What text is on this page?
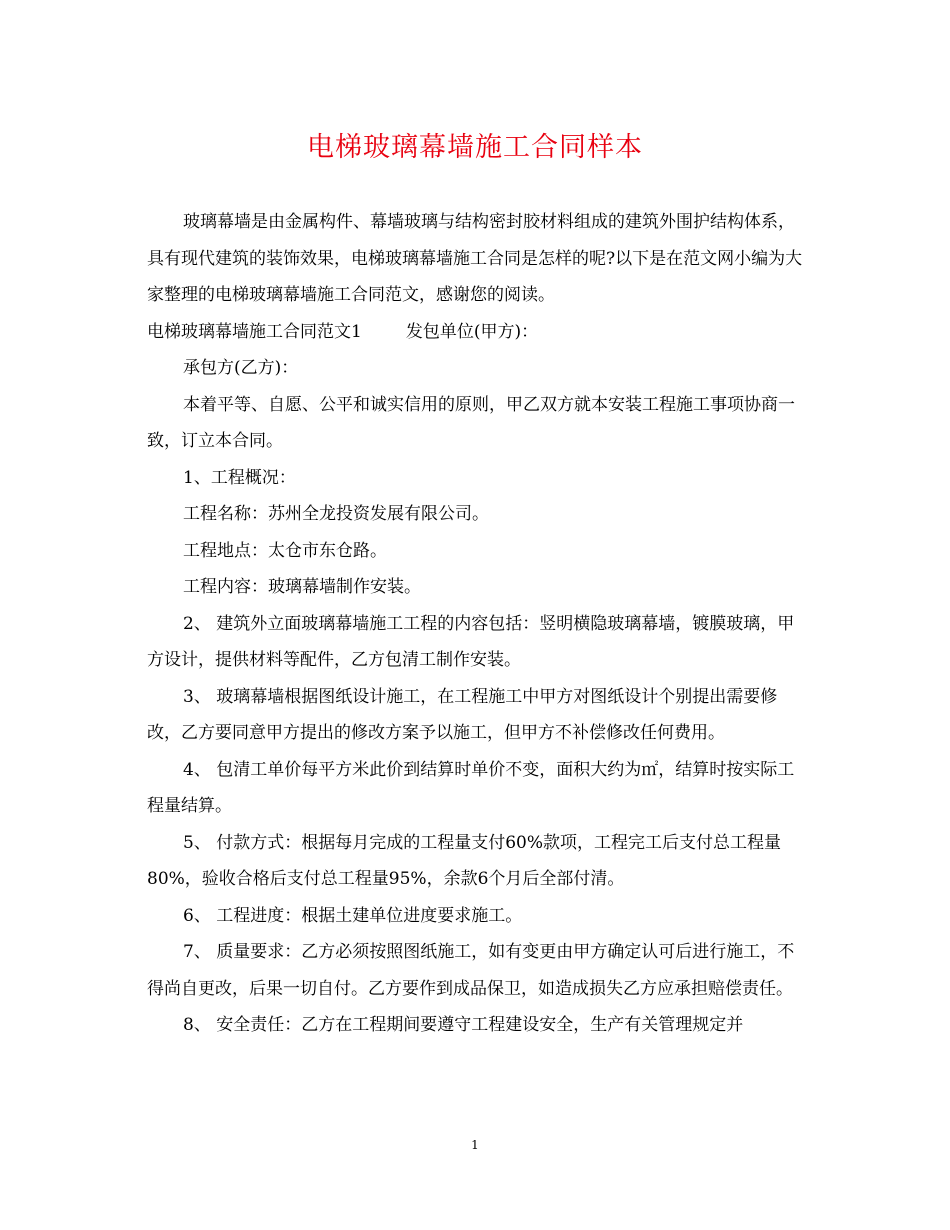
电梯玻璃幕墙施工合同样本

玻璃幕墙是由金属构件、幕墙玻璃与结构密封胶材料组成的建筑外围护结构体系，具有现代建筑的装饰效果，电梯玻璃幕墙施工合同是怎样的呢?以下是在范文网小编为大家整理的电梯玻璃幕墙施工合同范文，感谢您的阅读。

电梯玻璃幕墙施工合同范文1	发包单位(甲方)：

承包方(乙方)：

本着平等、自愿、公平和诚实信用的原则，甲乙双方就本安装工程施工事项协商一致，订立本合同。

1、工程概况：

工程名称：苏州全龙投资发展有限公司。

工程地点：太仓市东仓路。

工程内容：玻璃幕墙制作安装。

2、 建筑外立面玻璃幕墙施工工程的内容包括：竖明横隐玻璃幕墙，镀膜玻璃，甲方设计，提供材料等配件，乙方包清工制作安装。

3、 玻璃幕墙根据图纸设计施工，在工程施工中甲方对图纸设计个别提出需要修改，乙方要同意甲方提出的修改方案予以施工，但甲方不补偿修改任何费用。

4、 包清工单价每平方米此价到结算时单价不变，面积大约为㎡，结算时按实际工程量结算。

5、 付款方式：根据每月完成的工程量支付60%款项，工程完工后支付总工程量80%，验收合格后支付总工程量95%，余款6个月后全部付清。

6、 工程进度：根据土建单位进度要求施工。

7、 质量要求：乙方必须按照图纸施工，如有变更由甲方确定认可后进行施工，不得尚自更改，后果一切自付。乙方要作到成品保卫，如造成损失乙方应承担赔偿责任。

8、 安全责任：乙方在工程期间要遵守工程建设安全，生产有关管理规定并

1
